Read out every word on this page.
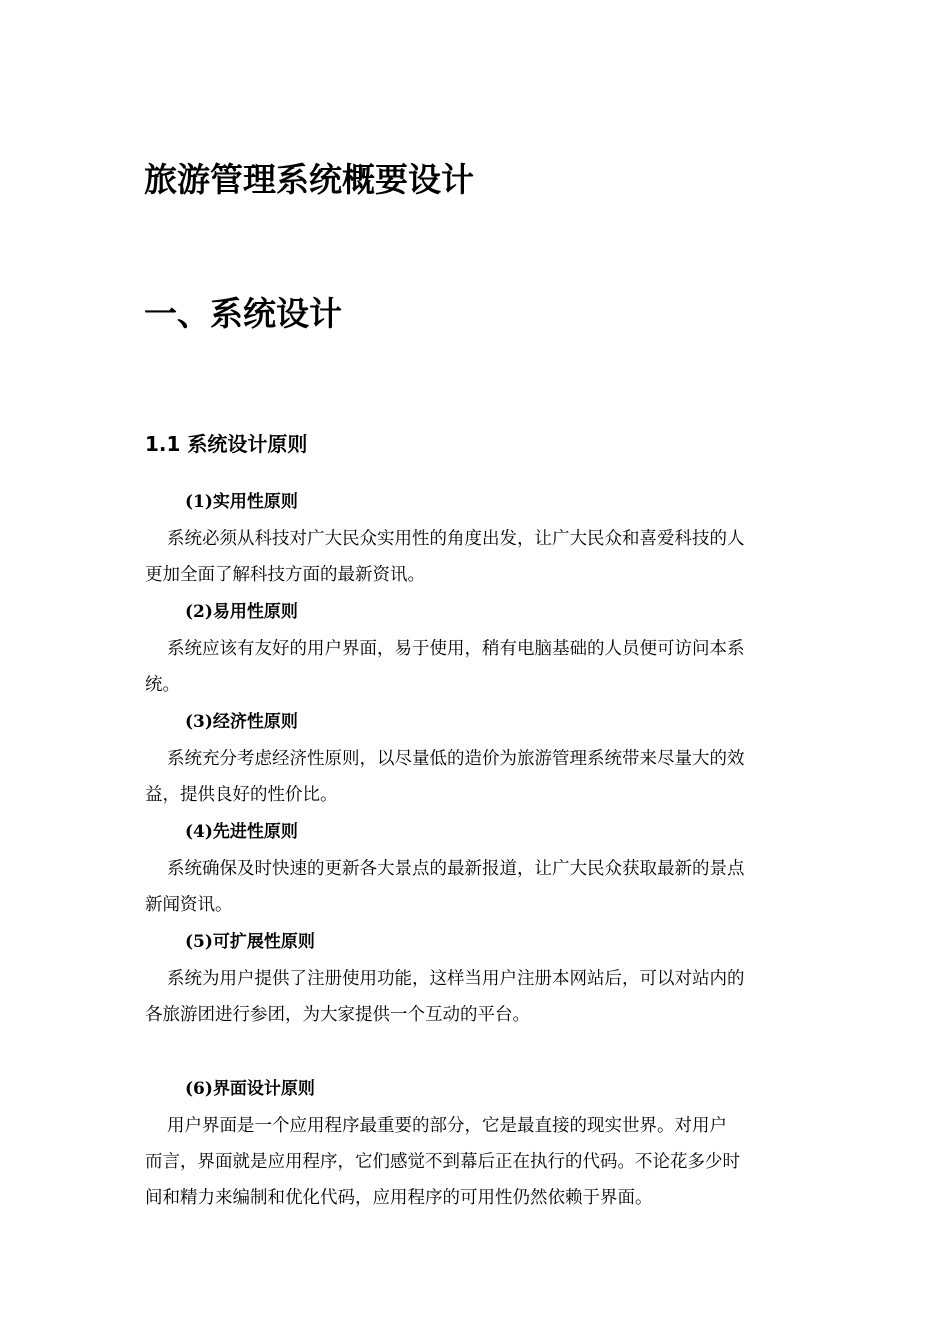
旅游管理系统概要设计
一、系统设计
1.1 系统设计原则
(1)实用性原则

系统必须从科技对广大民众实用性的角度出发，让广大民众和喜爱科技的人
更加全面了解科技方面的最新资讯。

(2)易用性原则

系统应该有友好的用户界面，易于使用，稍有电脑基础的人员便可访问本系
统。

(3)经济性原则

系统充分考虑经济性原则，以尽量低的造价为旅游管理系统带来尽量大的效
益，提供良好的性价比。

(4)先进性原则

系统确保及时快速的更新各大景点的最新报道，让广大民众获取最新的景点
新闻资讯。

(5)可扩展性原则

系统为用户提供了注册使用功能，这样当用户注册本网站后，可以对站内的
各旅游团进行参团，为大家提供一个互动的平台。

(6)界面设计原则

用户界面是一个应用程序最重要的部分，它是最直接的现实世界。对用户
而言，界面就是应用程序，它们感觉不到幕后正在执行的代码。不论花多少时
间和精力来编制和优化代码，应用程序的可用性仍然依赖于界面。
